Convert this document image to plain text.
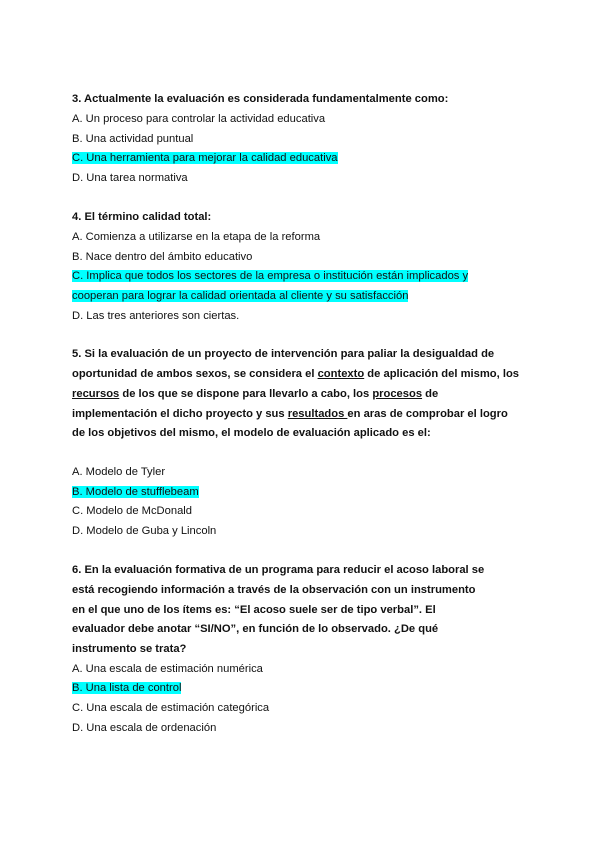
3. Actualmente la evaluación es considerada fundamentalmente como:
A. Un proceso para controlar la actividad educativa
B. Una actividad puntual
C. Una herramienta para mejorar la calidad educativa
D. Una tarea normativa
4. El término calidad total:
A. Comienza a utilizarse en la etapa de la reforma
B. Nace dentro del ámbito educativo
C. Implica que todos los sectores de la empresa o institución están implicados y
cooperan para lograr la calidad orientada al cliente y su satisfacción
D. Las tres anteriores son ciertas.
5. Si la evaluación de un proyecto de intervención para paliar la desigualdad de
oportunidad de ambos sexos, se considera el contexto de aplicación del mismo, los
recursos de los que se dispone para llevarlo a cabo, los procesos de
implementación el dicho proyecto y sus resultados en aras de comprobar el logro
de los objetivos del mismo, el modelo de evaluación aplicado es el:
A. Modelo de Tyler
B. Modelo de stufflebeam
C. Modelo de McDonald
D. Modelo de Guba y Lincoln
6. En la evaluación formativa de un programa para reducir el acoso laboral se
está recogiendo información a través de la observación con un instrumento
en el que uno de los ítems es: “El acoso suele ser de tipo verbal”. El
evaluador debe anotar “SI/NO”, en función de lo observado. ¿De qué
instrumento se trata?
A. Una escala de estimación numérica
B. Una lista de control
C. Una escala de estimación categórica
D. Una escala de ordenación
